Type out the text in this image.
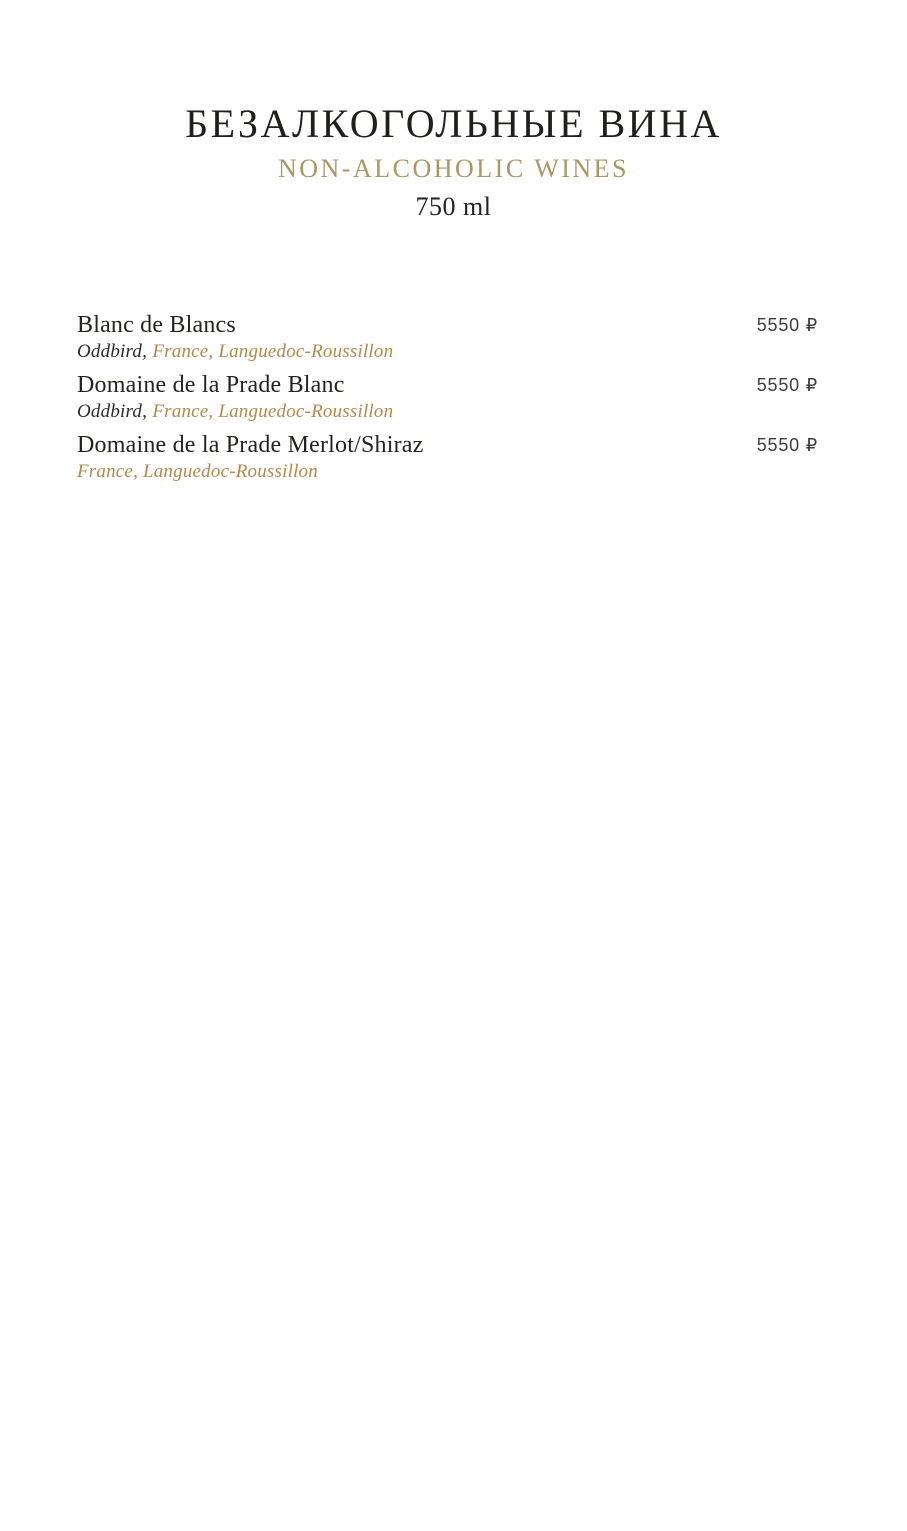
БЕЗАЛКОГОЛЬНЫЕ ВИНА
NON-ALCOHOLIC WINES
750 ml
Blanc de Blancs
Oddbird, France, Languedoc-Roussillon
5550 ₽
Domaine de la Prade Blanc
Oddbird, France, Languedoc-Roussillon
5550 ₽
Domaine de la Prade Merlot/Shiraz
France, Languedoc-Roussillon
5550 ₽
